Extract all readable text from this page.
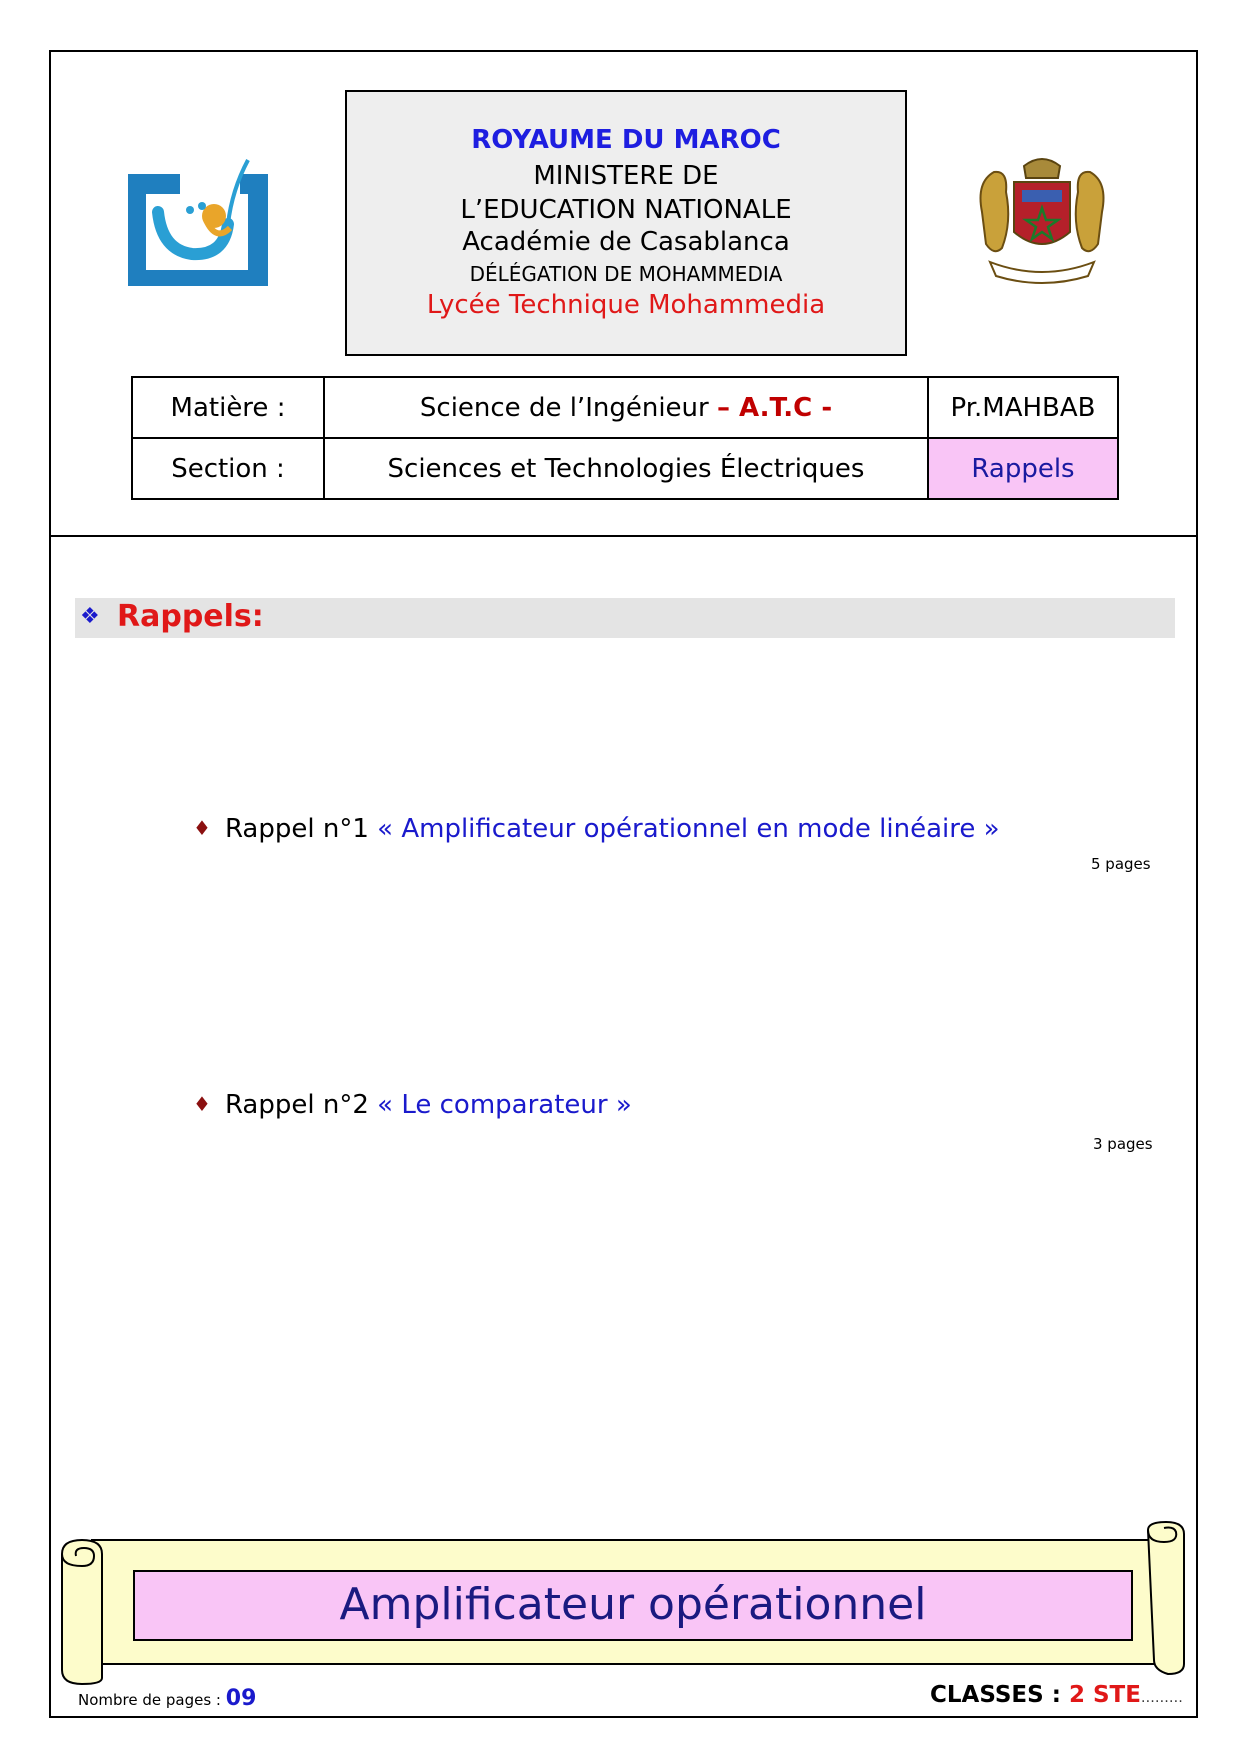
ROYAUME DU MAROC
MINISTERE DE L’EDUCATION NATIONALE
Académie de Casablanca
DÉLÉGATION DE MOHAMMEDIA
Lycée Technique Mohammedia
Matière :	Science de l’Ingénieur – A.T.C -	Pr.MAHBAB
Section :	Sciences et Technologies Électriques	Rappels
❖ Rappels:
♦ Rappel n°1 « Amplificateur opérationnel en mode linéaire »
5 pages
♦ Rappel n°2 « Le comparateur »
3 pages
Amplificateur opérationnel
Nombre de pages : 09	CLASSES : 2 STE………
